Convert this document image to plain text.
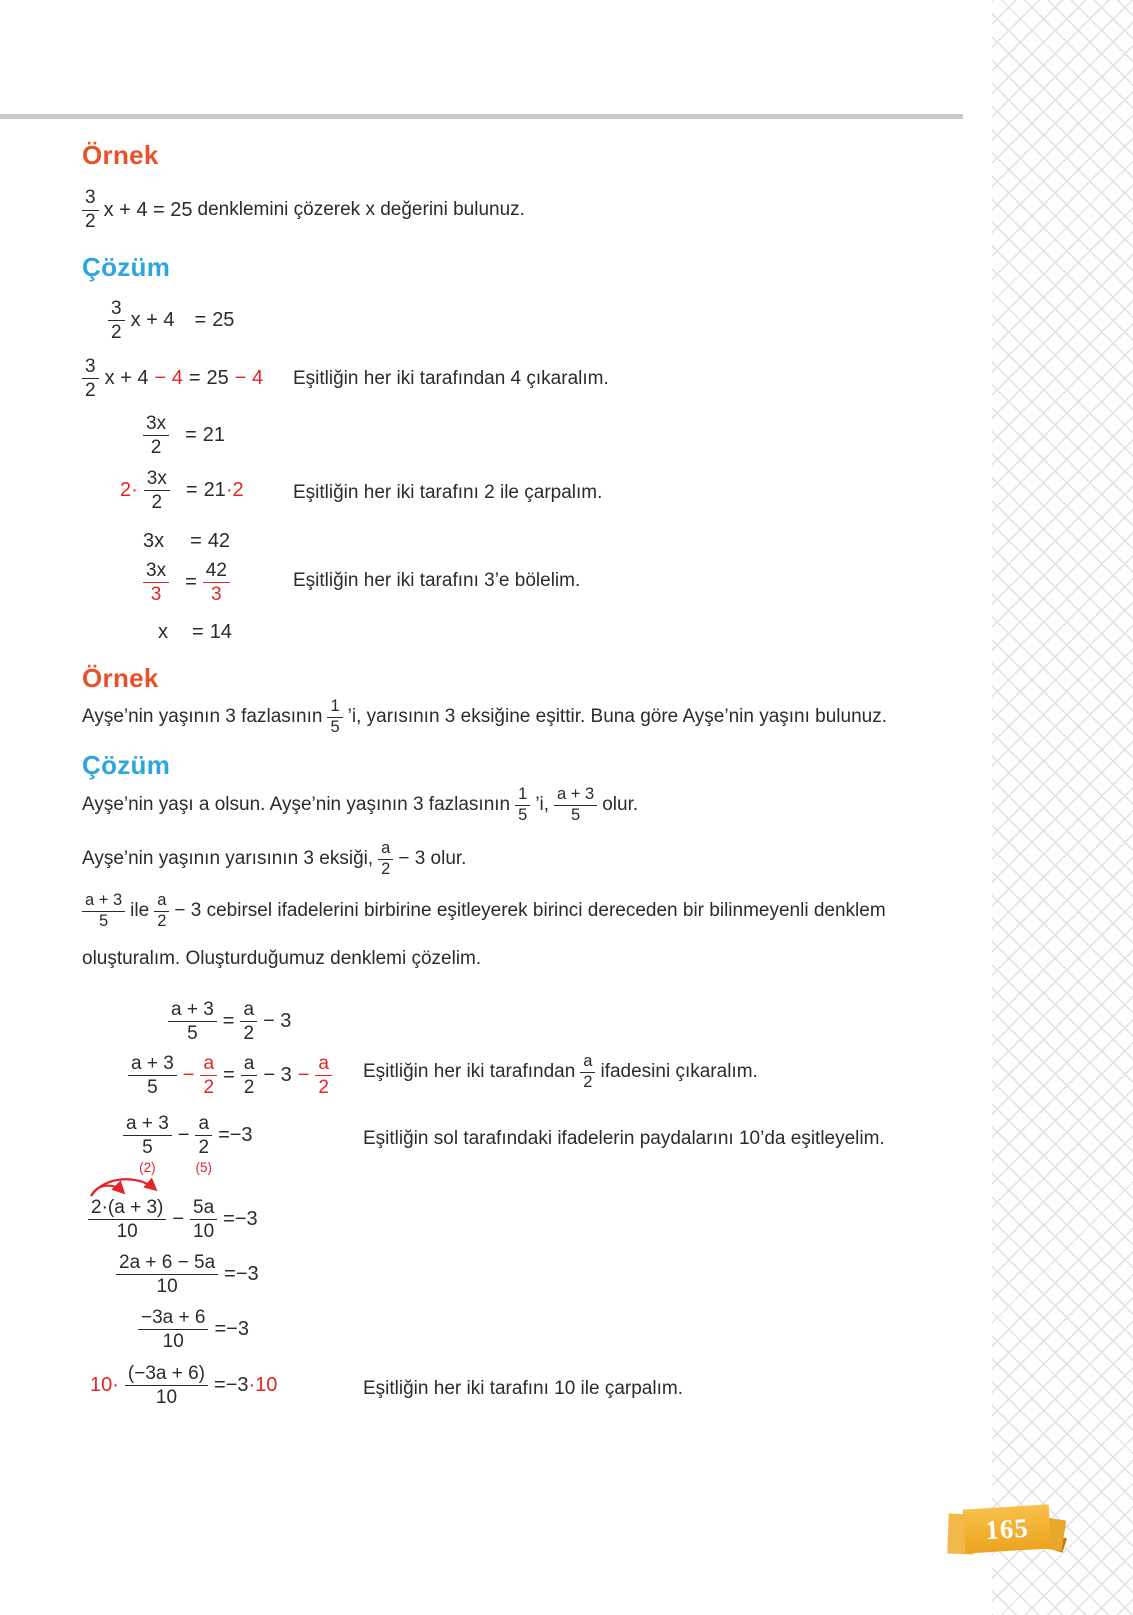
Örnek
$\frac{3}{2}$ x + 4 = 25 denklemini çözerek x değerini bulunuz.
Çözüm
$\frac{3}{2}$ x + 4 = 25
$\frac{3}{2}$ x + 4 − 4 = 25 − 4 Eşitliğin her iki tarafından 4 çıkaralım.
$\frac{3x}{2} = 21$
$2\cdot \frac{3x}{2} = 21\cdot 2$	Eşitliğin her iki tarafını 2 ile çarpalım.
3x = 42
$\frac{3x}{3} = \frac{42}{3}$	Eşitliğin her iki tarafını 3’e bölelim.
x = 14
Örnek
Ayşe’nin yaşının 3 fazlasının $\frac{1}{5}$ ’i, yarısının 3 eksiğine eşittir. Buna göre Ayşe’nin yaşını bulunuz.
Çözüm
Ayşe’nin yaşı a olsun. Ayşe’nin yaşının 3 fazlasının $\frac{1}{5}$ ’i, $\frac{a + 3}{5}$ olur.
Ayşe’nin yaşının yarısının 3 eksiği, $\frac{a}{2} - 3$ olur.
$\frac{a + 3}{5}$ ile $\frac{a}{2} - 3$ cebirsel ifadelerini birbirine eşitleyerek birinci dereceden bir bilinmeyenli denklem
oluşturalım. Oluşturduğumuz denklemi çözelim.
$\frac{a + 3}{5} = \frac{a}{2} - 3$
$\frac{a + 3}{5} - \frac{a}{2} = \frac{a}{2} - 3 - \frac{a}{2}$ Eşitliğin her iki tarafından $\frac{a}{2}$ ifadesini çıkaralım.
$\frac{a + 3}{5}$
(2)
− $\frac{a}{2}$
(5)
=−3	Eşitliğin sol tarafındaki ifadelerin paydalarını 10’da eşitleyelim.
$\frac{2\cdot(a + 3)}{10} - \frac{5a}{10} =-3$
$\frac{2a + 6 - 5a}{10} =-3$
$\frac{-3a + 6}{10} =-3$
$10\cdot \frac{(-3a + 6)}{10} =-3\cdot 10$	Eşitliğin her iki tarafını 10 ile çarpalım.
165
